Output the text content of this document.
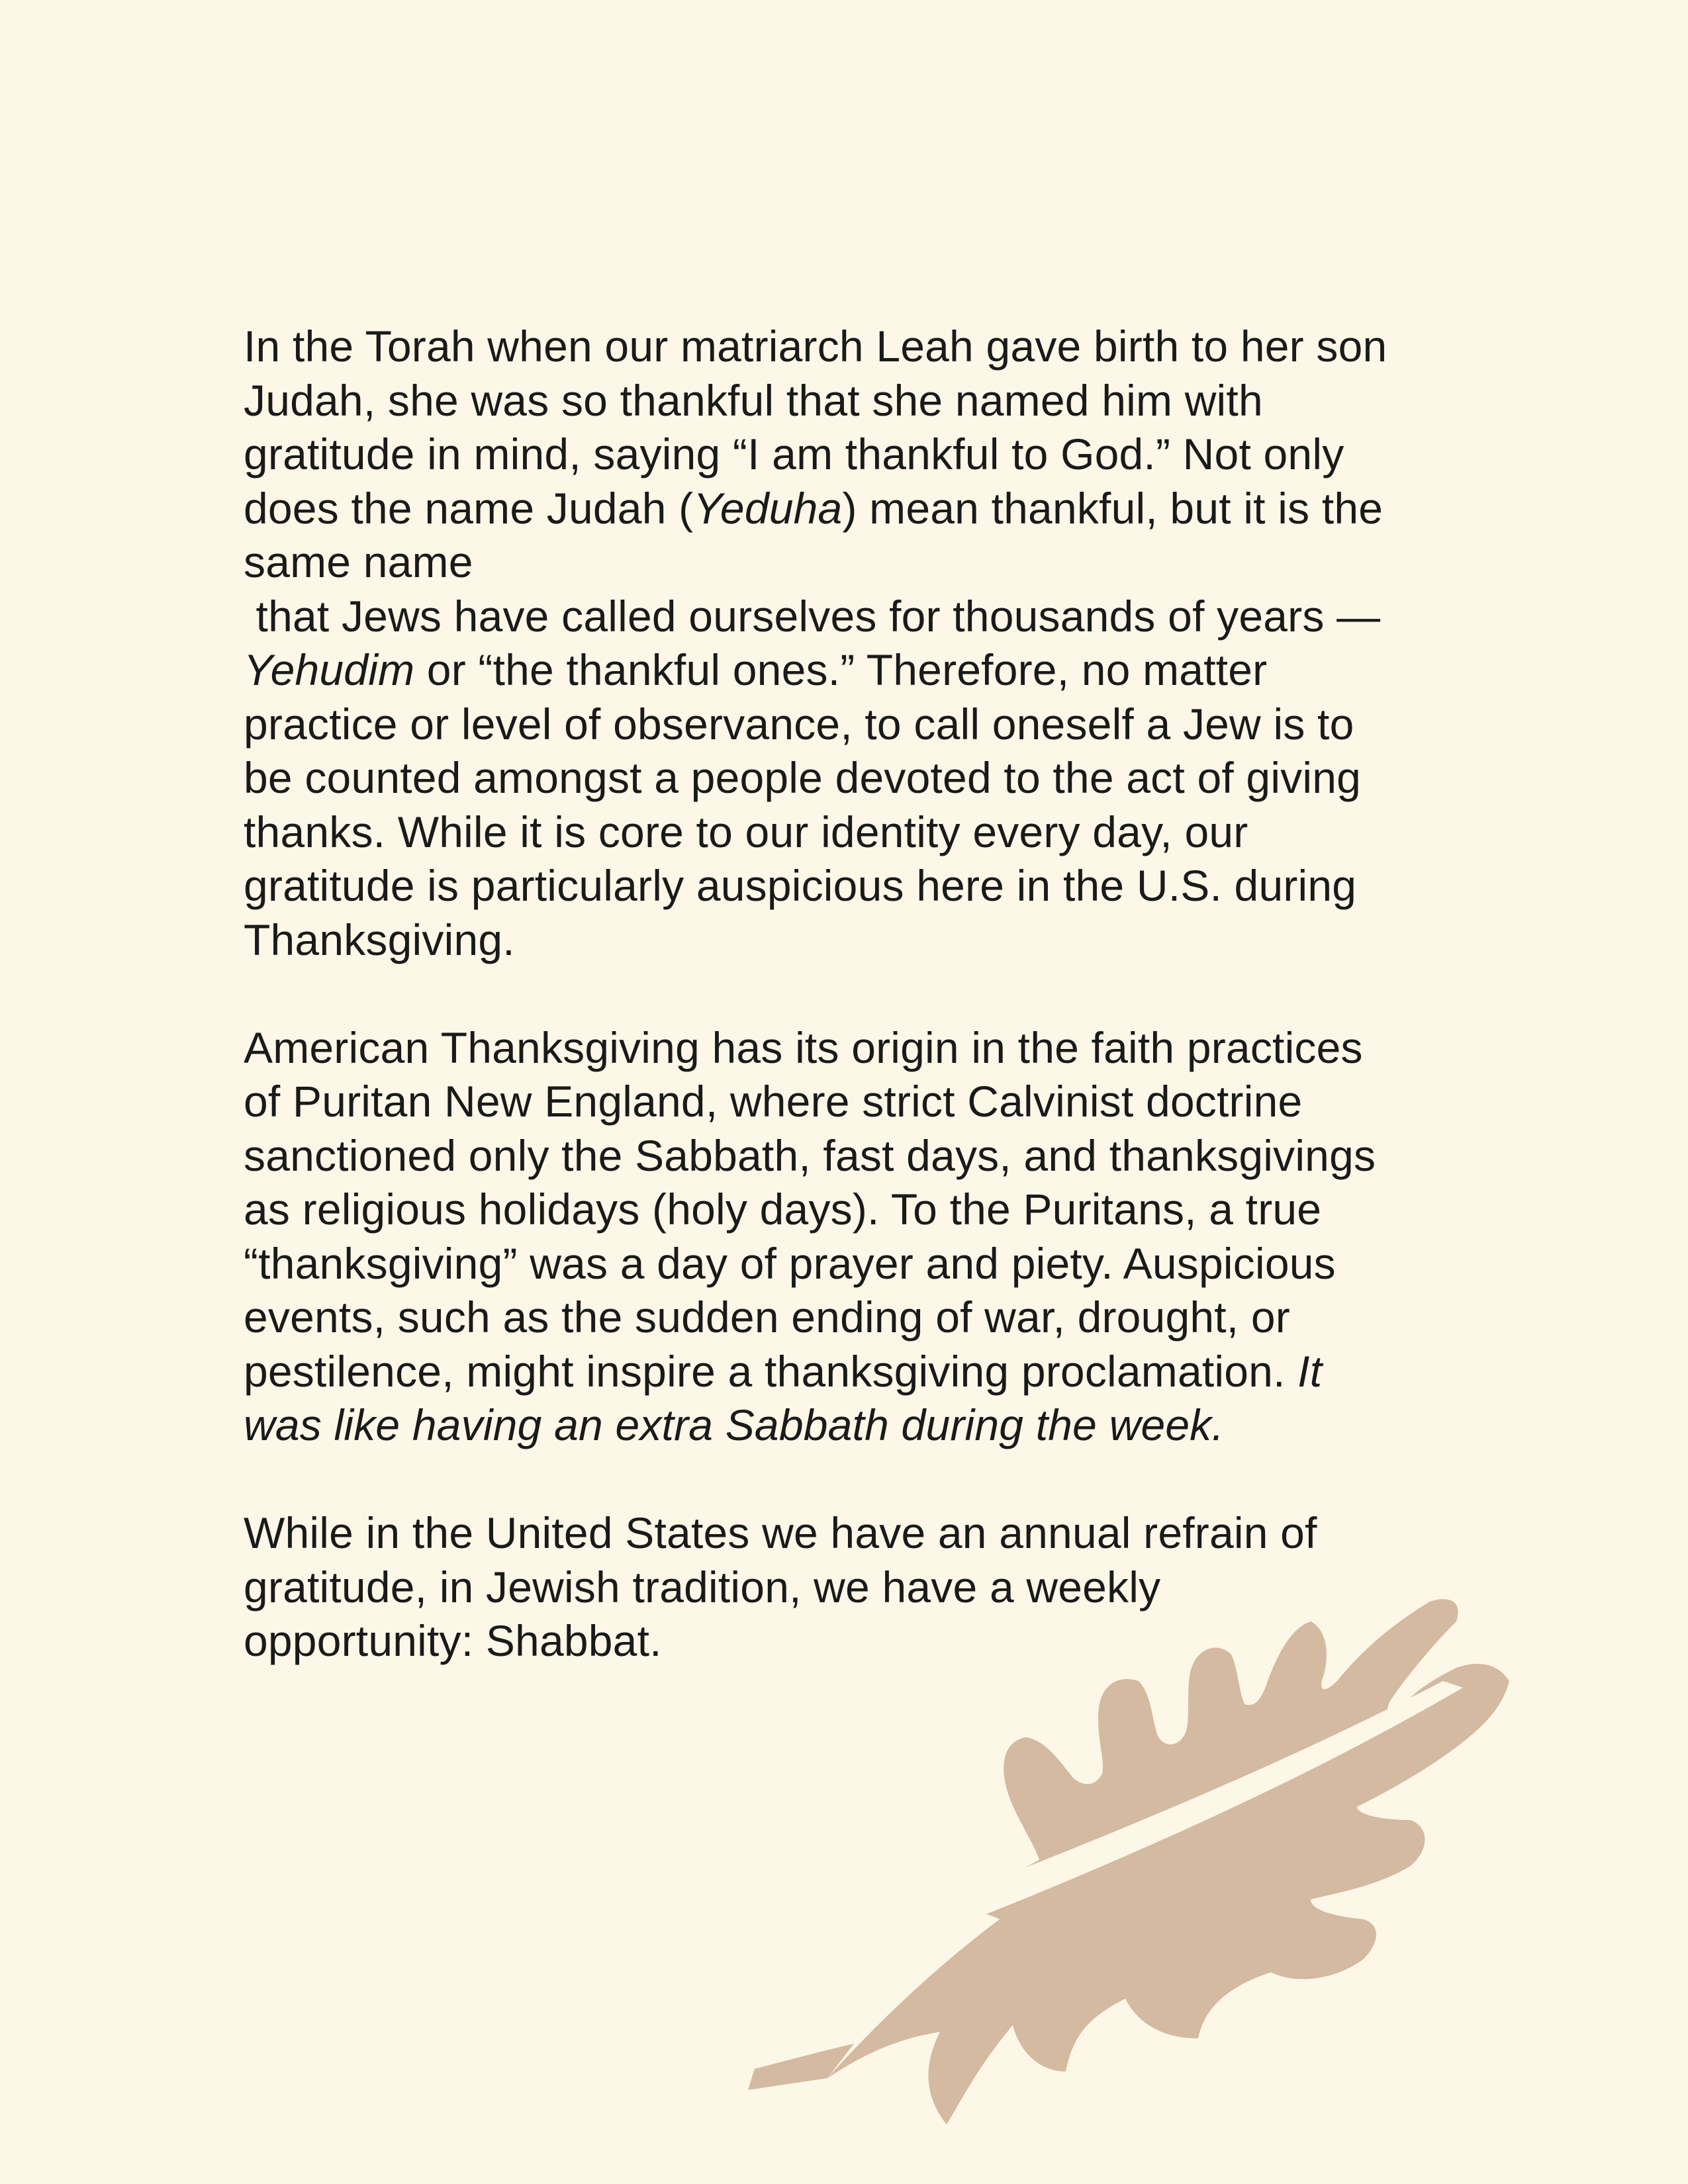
In the Torah when our matriarch Leah gave birth to her son
Judah, she was so thankful that she named him with
gratitude in mind, saying “I am thankful to God.” Not only
does the name Judah (Yeduha) mean thankful, but it is the
same name
that Jews have called ourselves for thousands of years —
Yehudim or “the thankful ones.” Therefore, no matter
practice or level of observance, to call oneself a Jew is to
be counted amongst a people devoted to the act of giving
thanks. While it is core to our identity every day, our
gratitude is particularly auspicious here in the U.S. during
Thanksgiving.

American Thanksgiving has its origin in the faith practices
of Puritan New England, where strict Calvinist doctrine
sanctioned only the Sabbath, fast days, and thanksgivings
as religious holidays (holy days). To the Puritans, a true
“thanksgiving” was a day of prayer and piety. Auspicious
events, such as the sudden ending of war, drought, or
pestilence, might inspire a thanksgiving proclamation. It
was like having an extra Sabbath during the week.

While in the United States we have an annual refrain of
gratitude, in Jewish tradition, we have a weekly
opportunity: Shabbat.
